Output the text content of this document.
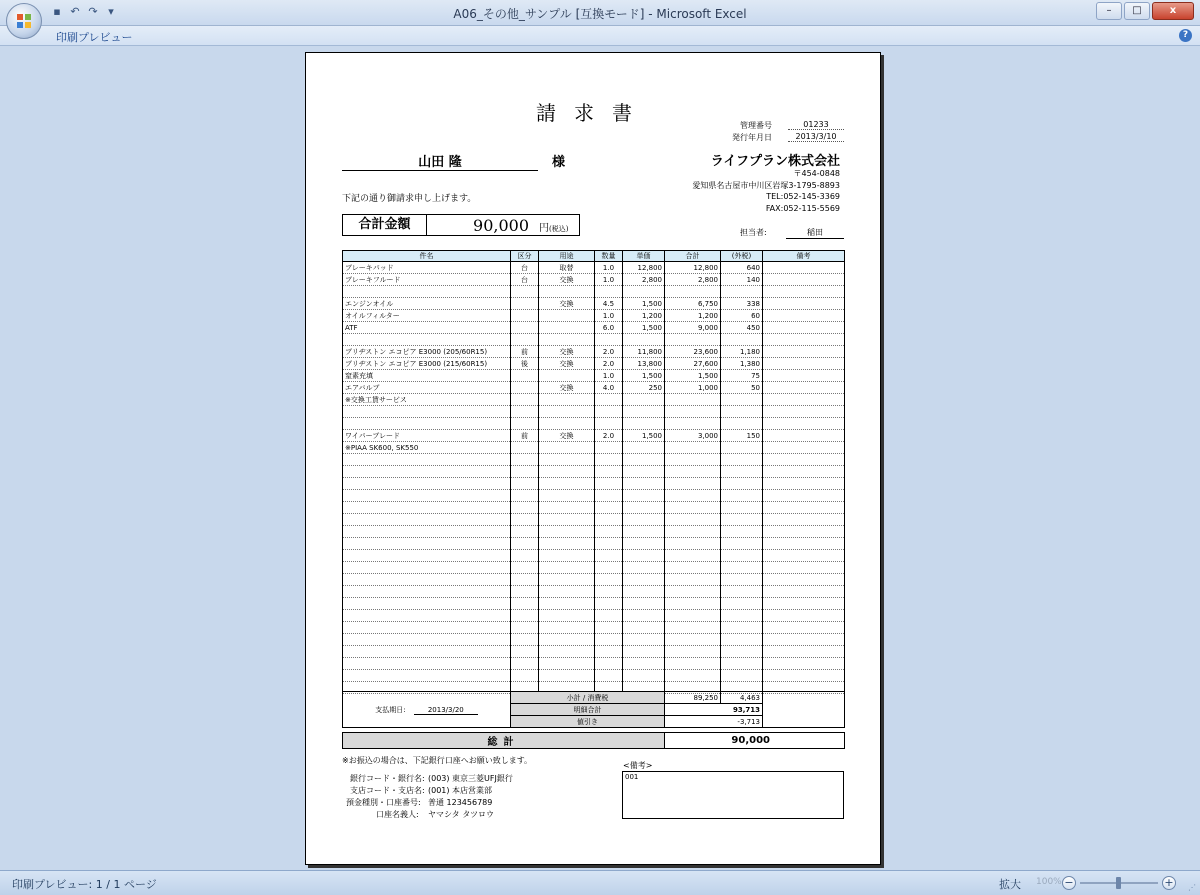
▪ ↶ ↷ ▾	A06_その他_サンプル [互換モード] - Microsoft Excel	–	□	x
印刷プレビュー	?
請求書
管理番号	01233
発行年月日	2013/3/10
山田 隆	様	ライフプラン株式会社
〒454-0848
愛知県名古屋市中川区岩塚3-1795-8893
TEL:052-145-3369
FAX:052-115-5569
下記の通り御請求申し上げます。
合計金額	90,000 円(税込)	担当者:	稲田
件名	区分	用途	数量	単価	合計	(外税)	備考
ブレーキパッド	台	取替	1.0	12,800	12,800	640	
ブレーキフルード	台	交換	1.0	2,800	2,800	140	

エンジンオイル		交換	4.5	1,500	6,750	338	
オイルフィルター			1.0	1,200	1,200	60	
ATF			6.0	1,500	9,000	450	

ブリヂストン エコピア E3000 (205/60R15)	前	交換	2.0	11,800	23,600	1,180	
ブリヂストン エコピア E3000 (215/60R15)	後	交換	2.0	13,800	27,600	1,380	
窒素充填			1.0	1,500	1,500	75	
エアバルブ		交換	4.0	250	1,000	50	
※交換工賃サービス							

ワイパーブレード	前	交換	2.0	1,500	3,000	150	
※PIAA SK600, SK550							

支払期日: 2013/3/20	小計 / 消費税	89,250	4,463	
	明細合計	93,713		
	値引き	-3,713		
総計	90,000
※お振込の場合は、下記銀行口座へお願い致します。
銀行コード・銀行名: (003) 東京三菱UFJ銀行
支店コード・支店名: (001) 本店営業部
預金種別・口座番号: 普通 123456789
口座名義人: ヤマシタ タツロウ
<備考>
001
印刷プレビュー: 1 / 1 ページ	拡大 100% −	+ ⋰
